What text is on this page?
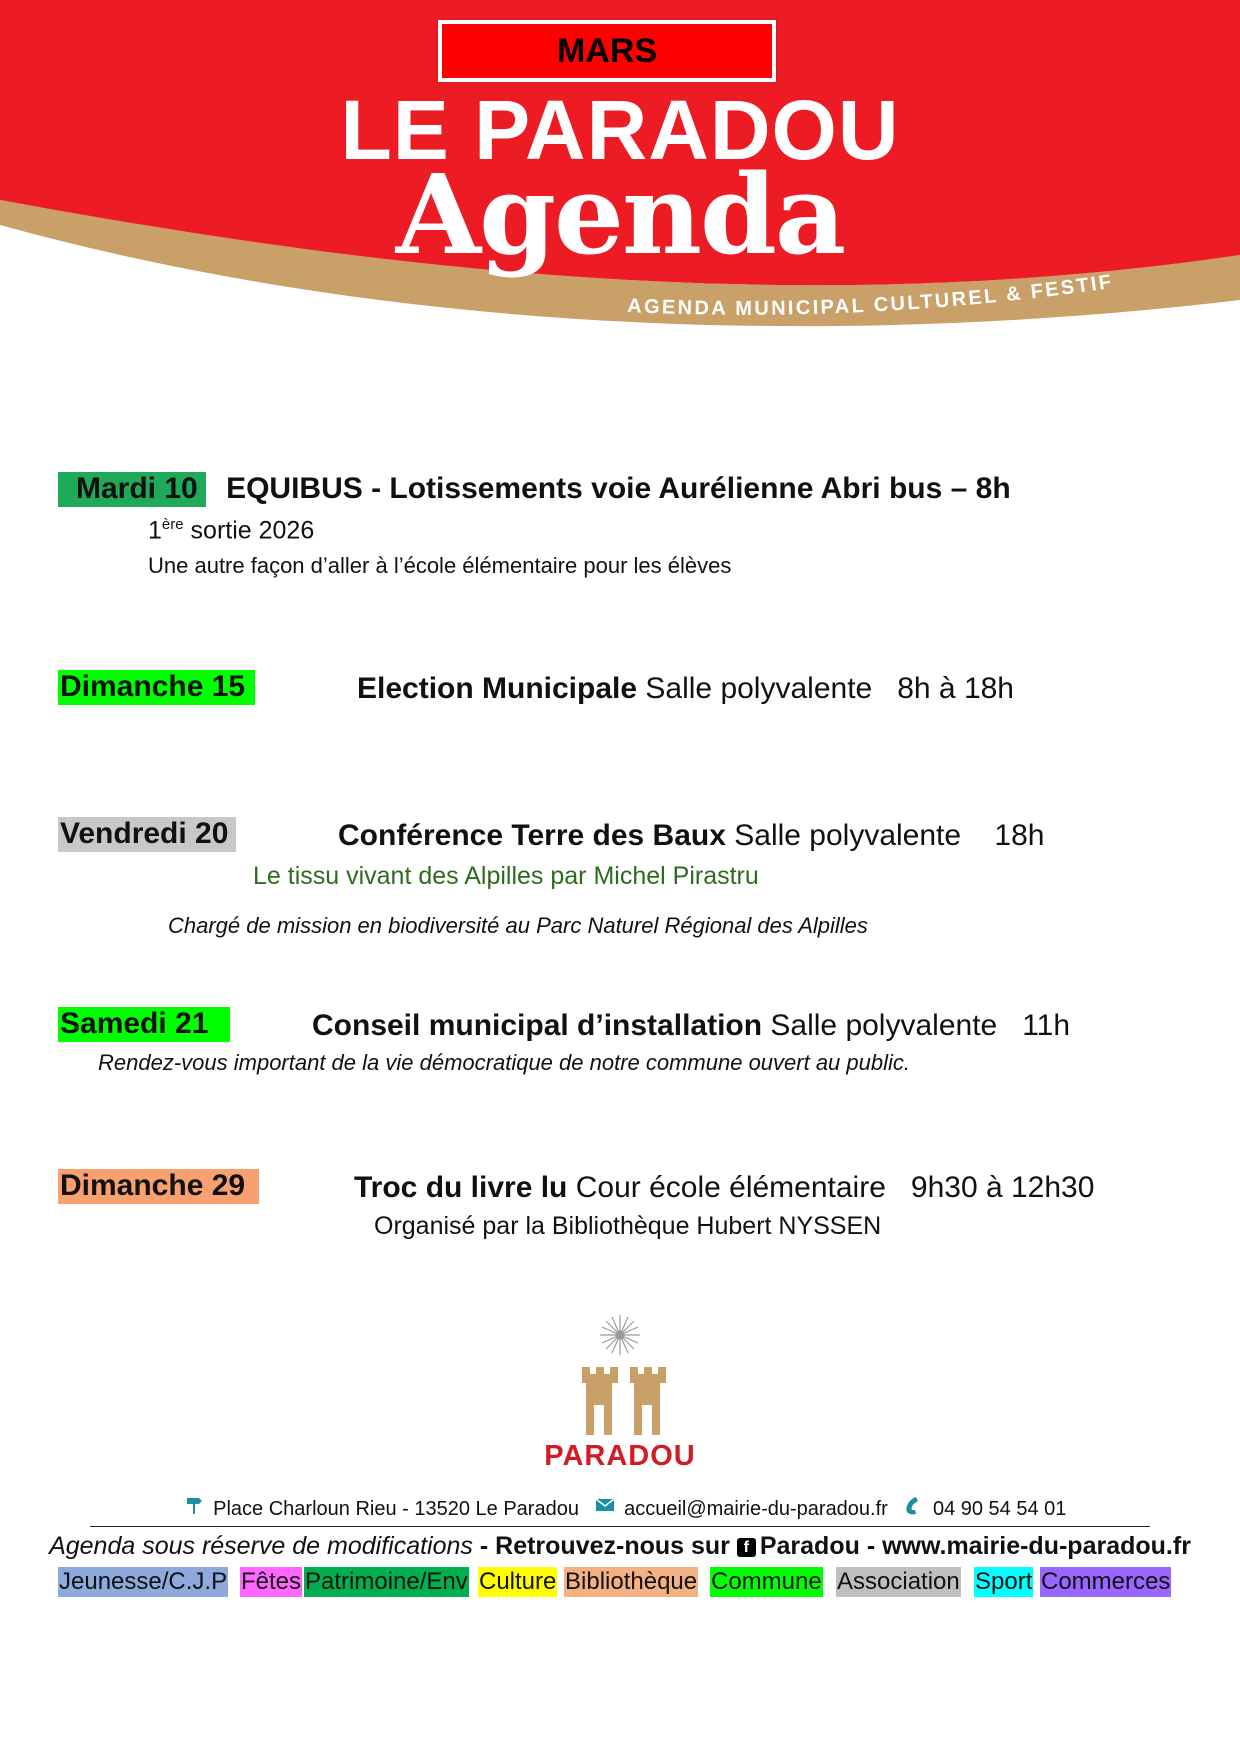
MARS
LE PARADOU
Agenda
AGENDA MUNICIPAL CULTUREL & FESTIF
Mardi 10 EQUIBUS - Lotissements voie Aurélienne Abri bus – 8h
1ère sortie 2026
Une autre façon d’aller à l’école élémentaire pour les élèves
Dimanche 15	Election Municipale Salle polyvalente   8h à 18h
Vendredi 20	Conférence Terre des Baux Salle polyvalente    18h
Le tissu vivant des Alpilles par Michel Pirastru
Chargé de mission en biodiversité au Parc Naturel Régional des Alpilles
Samedi 21	Conseil municipal d’installation Salle polyvalente   11h
Rendez-vous important de la vie démocratique de notre commune ouvert au public.
Dimanche 29	Troc du livre lu Cour école élémentaire   9h30 à 12h30
Organisé par la Bibliothèque Hubert NYSSEN
PARADOU
Place Charloun Rieu - 13520 Le Paradou accueil@mairie-du-paradou.fr 04 90 54 54 01
Agenda sous réserve de modifications - Retrouvez-nous sur f Paradou - www.mairie-du-paradou.fr
Jeunesse/C.J.P Fêtes Patrimoine/Env Culture Bibliothèque Commune Association Sport Commerces
